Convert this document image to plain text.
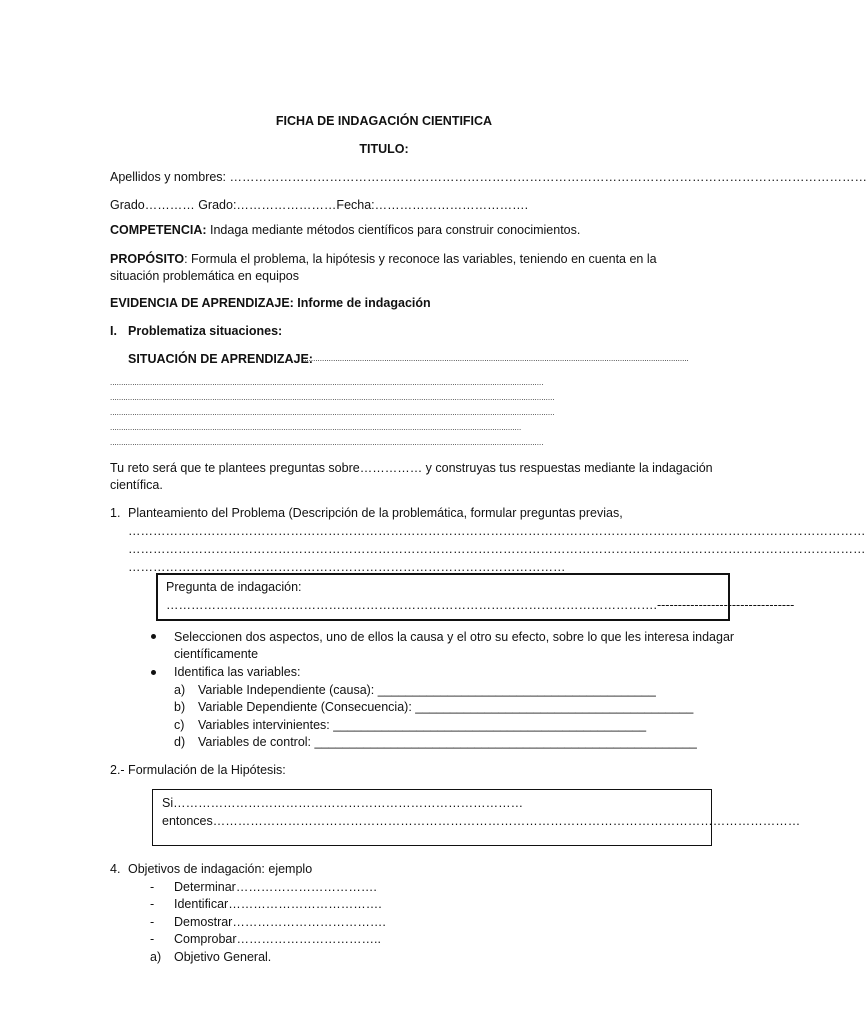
FICHA DE INDAGACIÓN CIENTIFICA
TITULO:
Apellidos y nombres: ………………………………………………………………………………………………………………………………………
Grado………… Grado:……………………Fecha:……………………………….
COMPETENCIA: Indaga mediante métodos científicos para construir conocimientos.
PROPÓSITO: Formula el problema, la hipótesis y reconoce las variables, teniendo en cuenta en la situación problemática en equipos
EVIDENCIA DE APRENDIZAJE: Informe de indagación
I. Problematiza situaciones:
SITUACIÓN DE APRENDIZAJE:
..............................................................................................................................................................................
...................................................................................................................................................................................................
........................................................................................................................................................................................................
........................................................................................................................................................................................................
.........................................................................................................................................................................................
...................................................................................................................................................................................................
Tu reto será que te plantees preguntas sobre…………… y construyas tus respuestas mediante la indagación científica.
1. Planteamiento del Problema (Descripción de la problemática, formular preguntas previas,
……………………………………………………………………………………………………………………………………………………………
……………………………………………………………………………………………………………………………………………………………
……………………………………………………………………………………………
Pregunta de indagación:
……………………………………………………………………………………………………….---------------------------------
Seleccionen dos aspectos, uno de ellos la causa y el otro su efecto, sobre lo que les interesa indagar científicamente
Identifica las variables:
a) Variable Independiente (causa): ________________________________________
b) Variable Dependiente (Consecuencia): ________________________________________
c) Variables intervinientes: _____________________________________________
d) Variables de control: _______________________________________________________
2.- Formulación de la Hipótesis:
Si…………………………………………………………………………
entonces……………………………………………………………………………………………………………………………
4. Objetivos de indagación: ejemplo
- Determinar…………………………….
- Identificar……………………………….
- Demostrar……………………………….
- Comprobar……………………………..
a) Objetivo General.
